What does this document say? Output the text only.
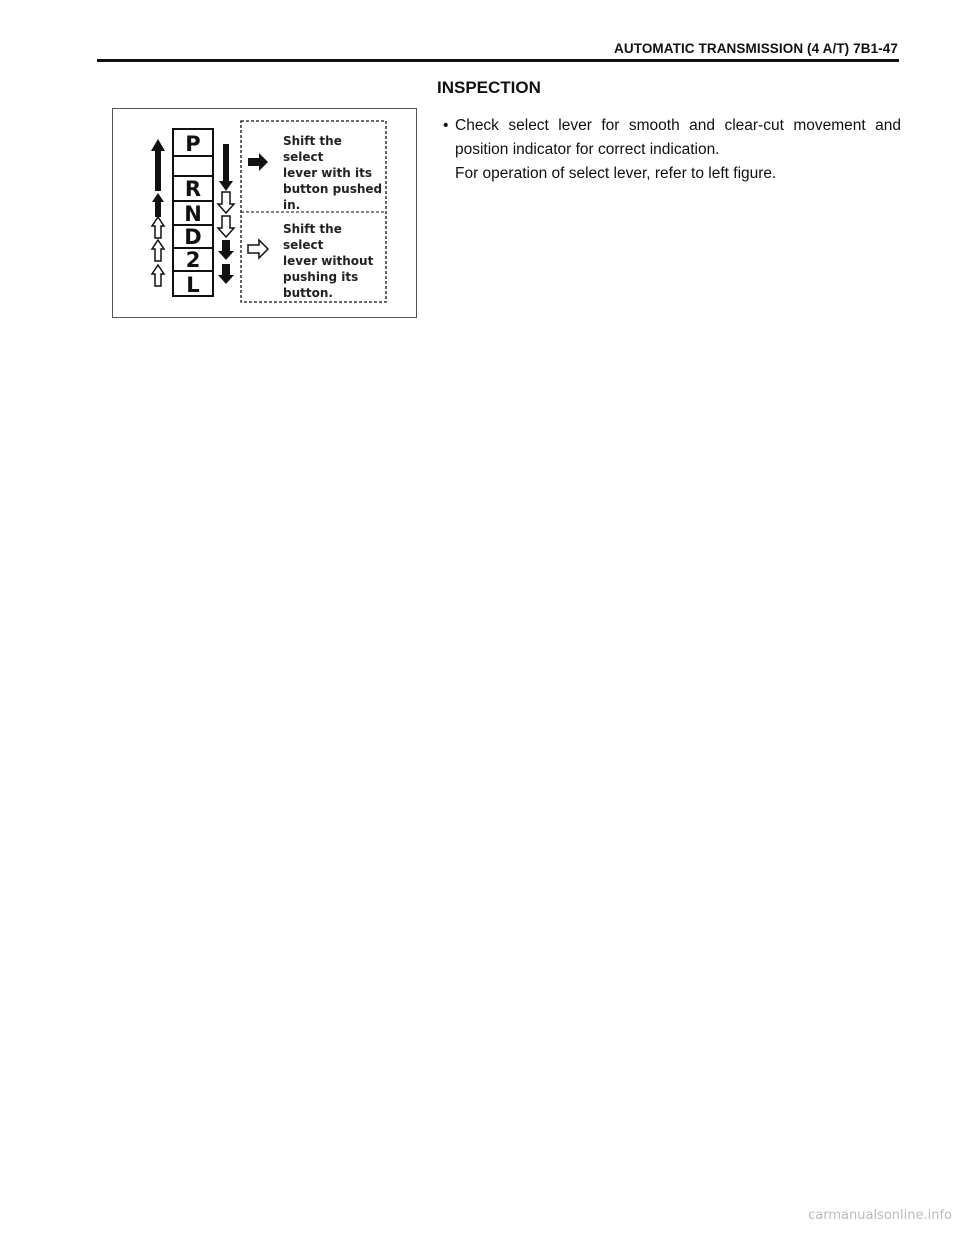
AUTOMATIC TRANSMISSION (4 A/T) 7B1-47
INSPECTION
• Check select lever for smooth and clear-cut movement and
position indicator for correct indication.
For operation of select lever, refer to left figure.
P
R
N
D
2
L
Shift the select
lever with its
button pushed
in.
Shift the select
lever without
pushing its
button.
carmanualsonline.info
